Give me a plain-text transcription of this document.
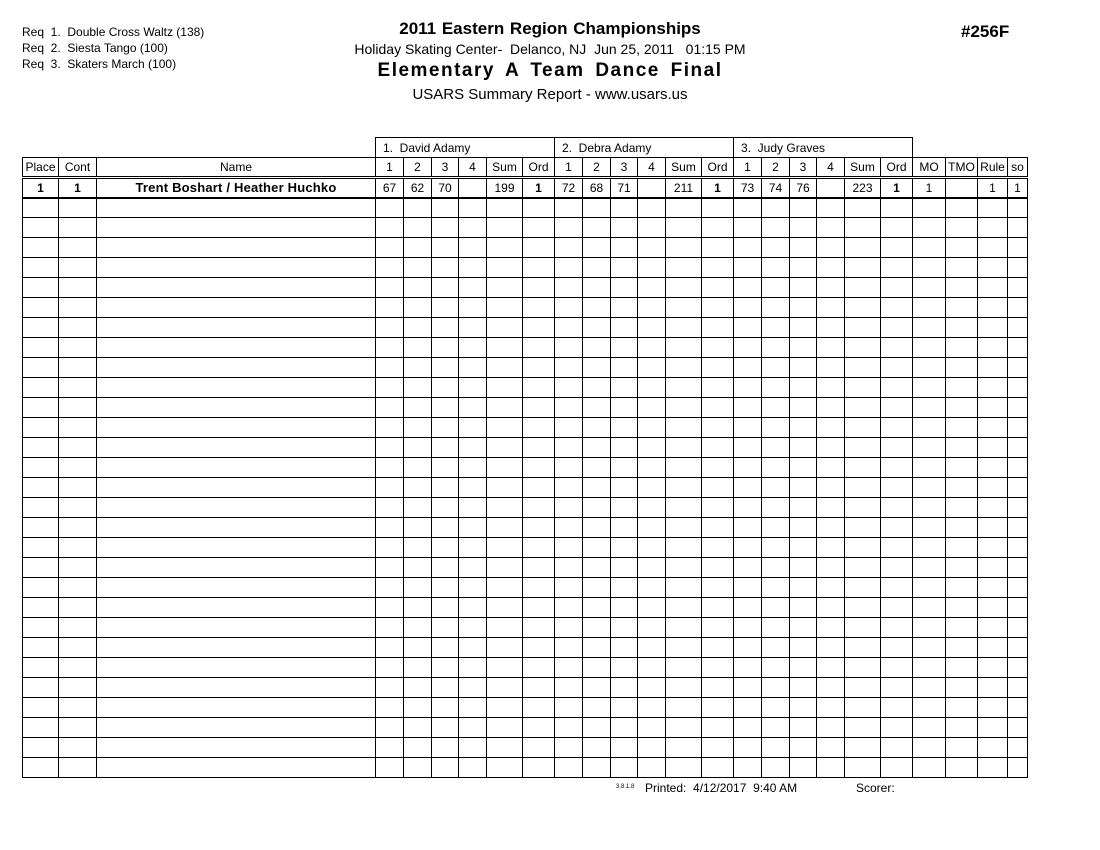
Req  1.  Double Cross Waltz (138)
Req  2.  Siesta Tango (100)
Req  3.  Skaters March (100)
2011 Eastern Region Championships
Holiday Skating Center-  Delanco, NJ  Jun 25, 2011   01:15 PM
Elementary A Team Dance Final
USARS Summary Report - www.usars.us
#256F
			1.  David Adamy						2.  Debra Adamy						3.  Judy Graves									
Place	Cont	Name	1	2	3	4	Sum	Ord	1	2	3	4	Sum	Ord	1	2	3	4	Sum	Ord	MO	TMO	Rule	so
1	1	Trent Boshart / Heather Huchko	67	62	70		199	1	72	68	71		211	1	73	74	76		223	1	1		1	1

3.8.1.8 Printed:  4/12/2017  9:40 AM	Scorer:
